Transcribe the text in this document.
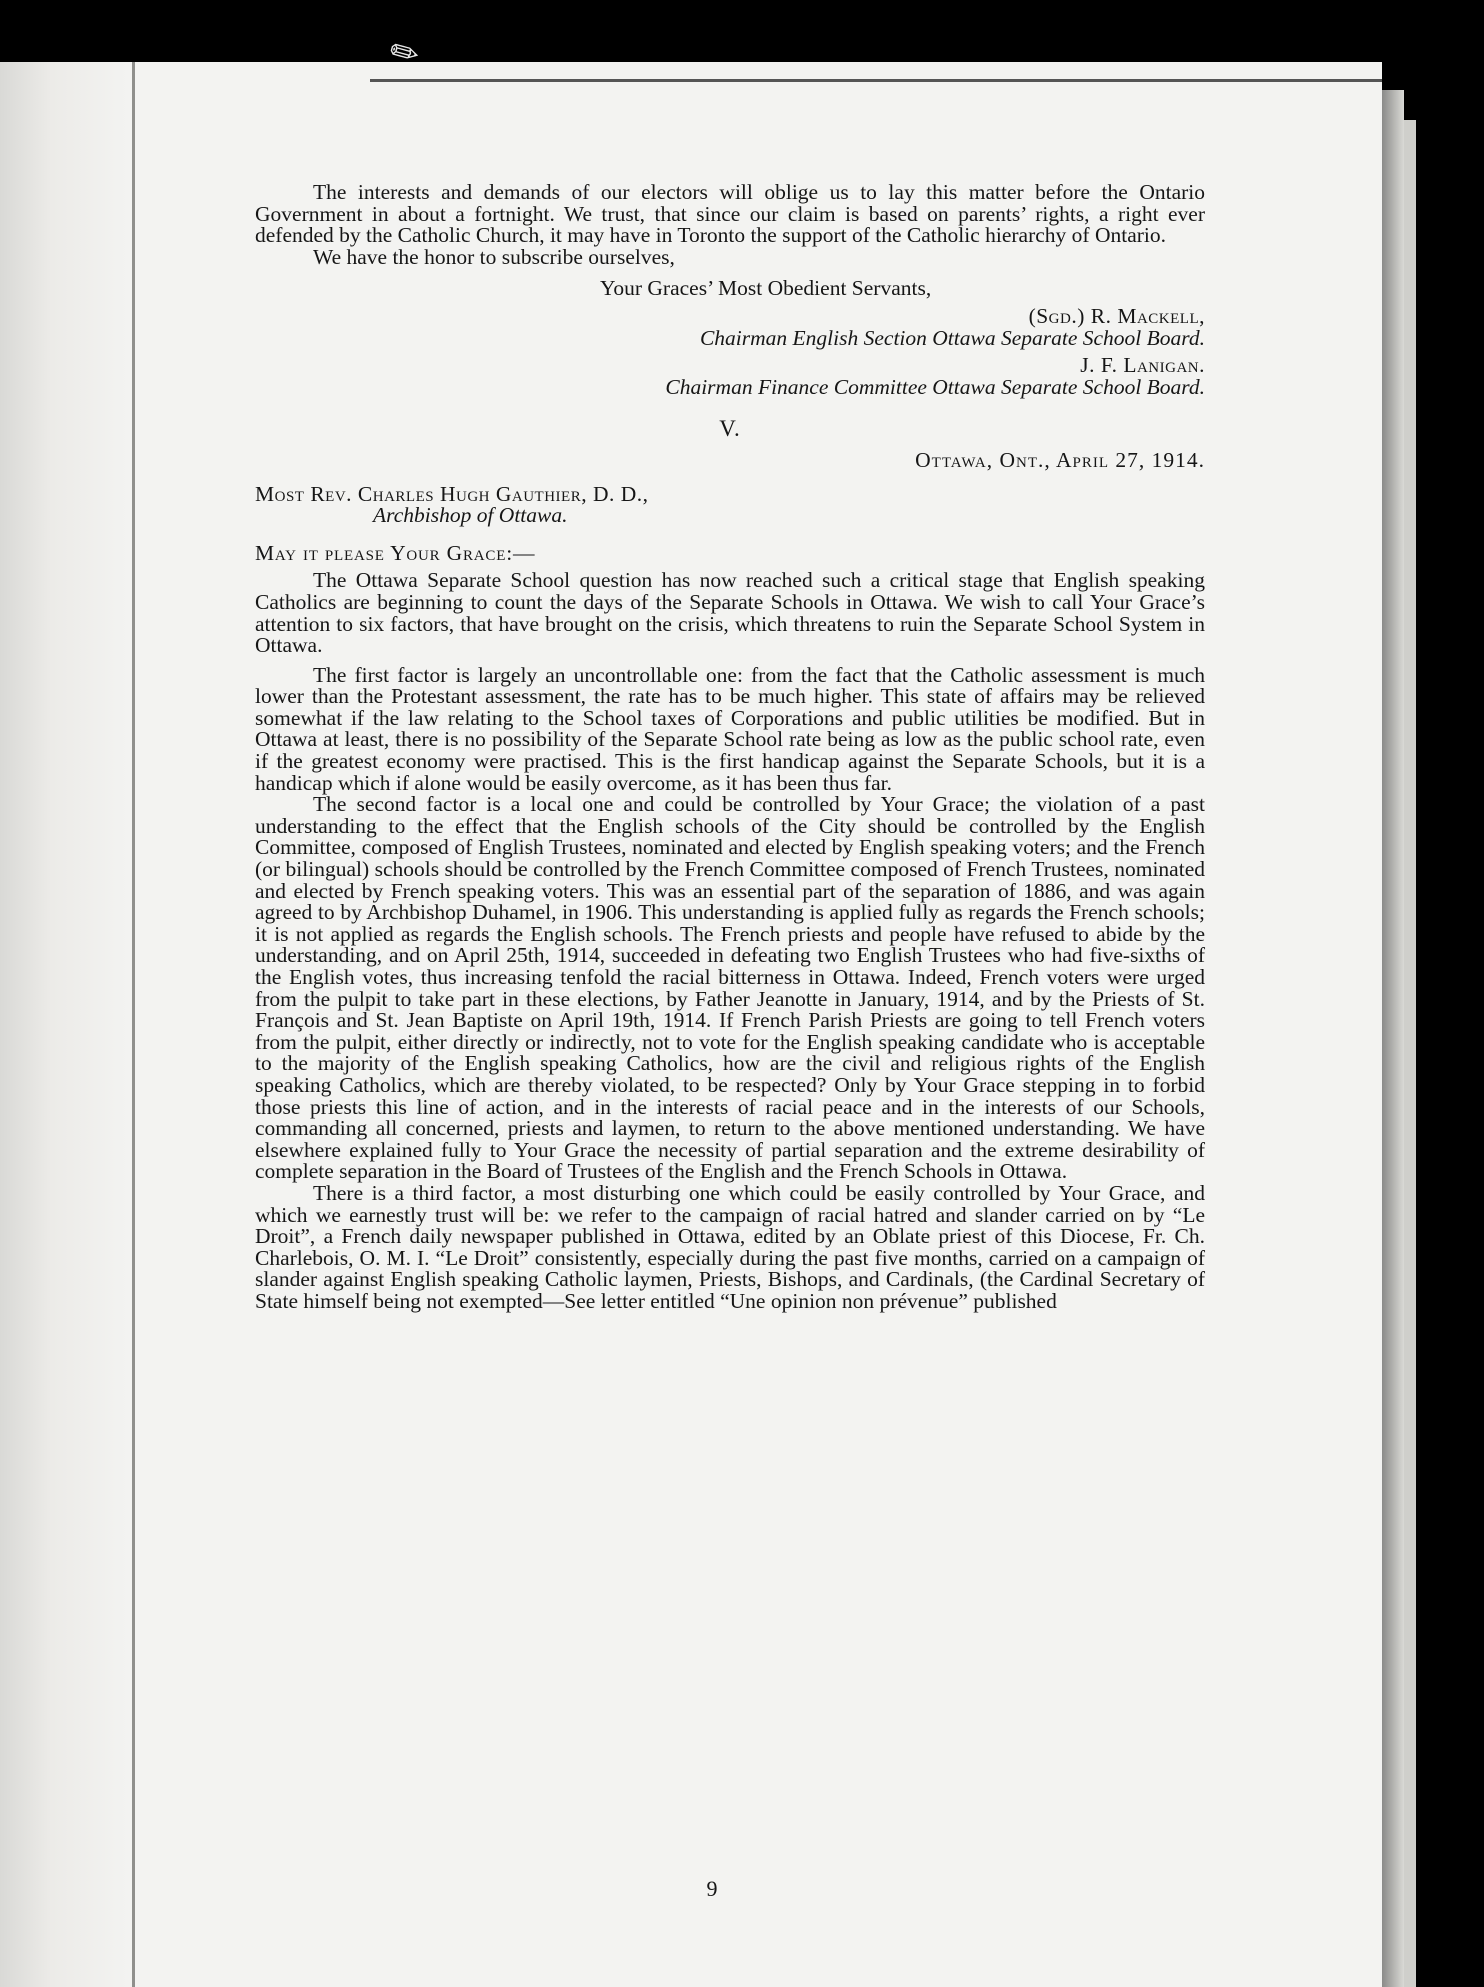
✎

The interests and demands of our electors will oblige us to lay this matter before the Ontario Government in about a fortnight. We trust, that since our claim is based on parents’ rights, a right ever defended by the Catholic Church, it may have in Toronto the support of the Catholic hierarchy of Ontario.

We have the honor to subscribe ourselves,

Your Graces’ Most Obedient Servants,

(Sgd.) R. Mackell,

Chairman English Section Ottawa Separate School Board.

J. F. Lanigan.

Chairman Finance Committee Ottawa Separate School Board.

V.

Ottawa, Ont., April 27, 1914.

Most Rev. Charles Hugh Gauthier, D. D.,

Archbishop of Ottawa.

May it please Your Grace:—

The Ottawa Separate School question has now reached such a critical stage that English speaking Catholics are beginning to count the days of the Separate Schools in Ottawa. We wish to call Your Grace’s attention to six factors, that have brought on the crisis, which threatens to ruin the Separate School System in Ottawa.

The first factor is largely an uncontrollable one: from the fact that the Catholic assessment is much lower than the Protestant assessment, the rate has to be much higher. This state of affairs may be relieved somewhat if the law relating to the School taxes of Corporations and public utilities be modified. But in Ottawa at least, there is no possibility of the Separate School rate being as low as the public school rate, even if the greatest economy were practised. This is the first handicap against the Separate Schools, but it is a handicap which if alone would be easily overcome, as it has been thus far.

The second factor is a local one and could be controlled by Your Grace; the violation of a past understanding to the effect that the English schools of the City should be controlled by the English Committee, composed of English Trustees, nominated and elected by English speaking voters; and the French (or bilingual) schools should be controlled by the French Committee composed of French Trustees, nominated and elected by French speaking voters. This was an essential part of the separation of 1886, and was again agreed to by Archbishop Duhamel, in 1906. This understanding is applied fully as regards the French schools; it is not applied as regards the English schools. The French priests and people have refused to abide by the understanding, and on April 25th, 1914, succeeded in defeating two English Trustees who had five-sixths of the English votes, thus increasing tenfold the racial bitterness in Ottawa. Indeed, French voters were urged from the pulpit to take part in these elections, by Father Jeanotte in January, 1914, and by the Priests of St. François and St. Jean Baptiste on April 19th, 1914. If French Parish Priests are going to tell French voters from the pulpit, either directly or indirectly, not to vote for the English speaking candidate who is acceptable to the majority of the English speaking Catholics, how are the civil and religious rights of the English speaking Catholics, which are thereby violated, to be respected? Only by Your Grace stepping in to forbid those priests this line of action, and in the interests of racial peace and in the interests of our Schools, commanding all concerned, priests and laymen, to return to the above mentioned understanding. We have elsewhere explained fully to Your Grace the necessity of partial separation and the extreme desirability of complete separation in the Board of Trustees of the English and the French Schools in Ottawa.

There is a third factor, a most disturbing one which could be easily controlled by Your Grace, and which we earnestly trust will be: we refer to the campaign of racial hatred and slander carried on by “Le Droit”, a French daily newspaper published in Ottawa, edited by an Oblate priest of this Diocese, Fr. Ch. Charlebois, O. M. I. “Le Droit” consistently, especially during the past five months, carried on a campaign of slander against English speaking Catholic laymen, Priests, Bishops, and Cardinals, (the Cardinal Secretary of State himself being not exempted—See letter entitled “Une opinion non prévenue” published

9
